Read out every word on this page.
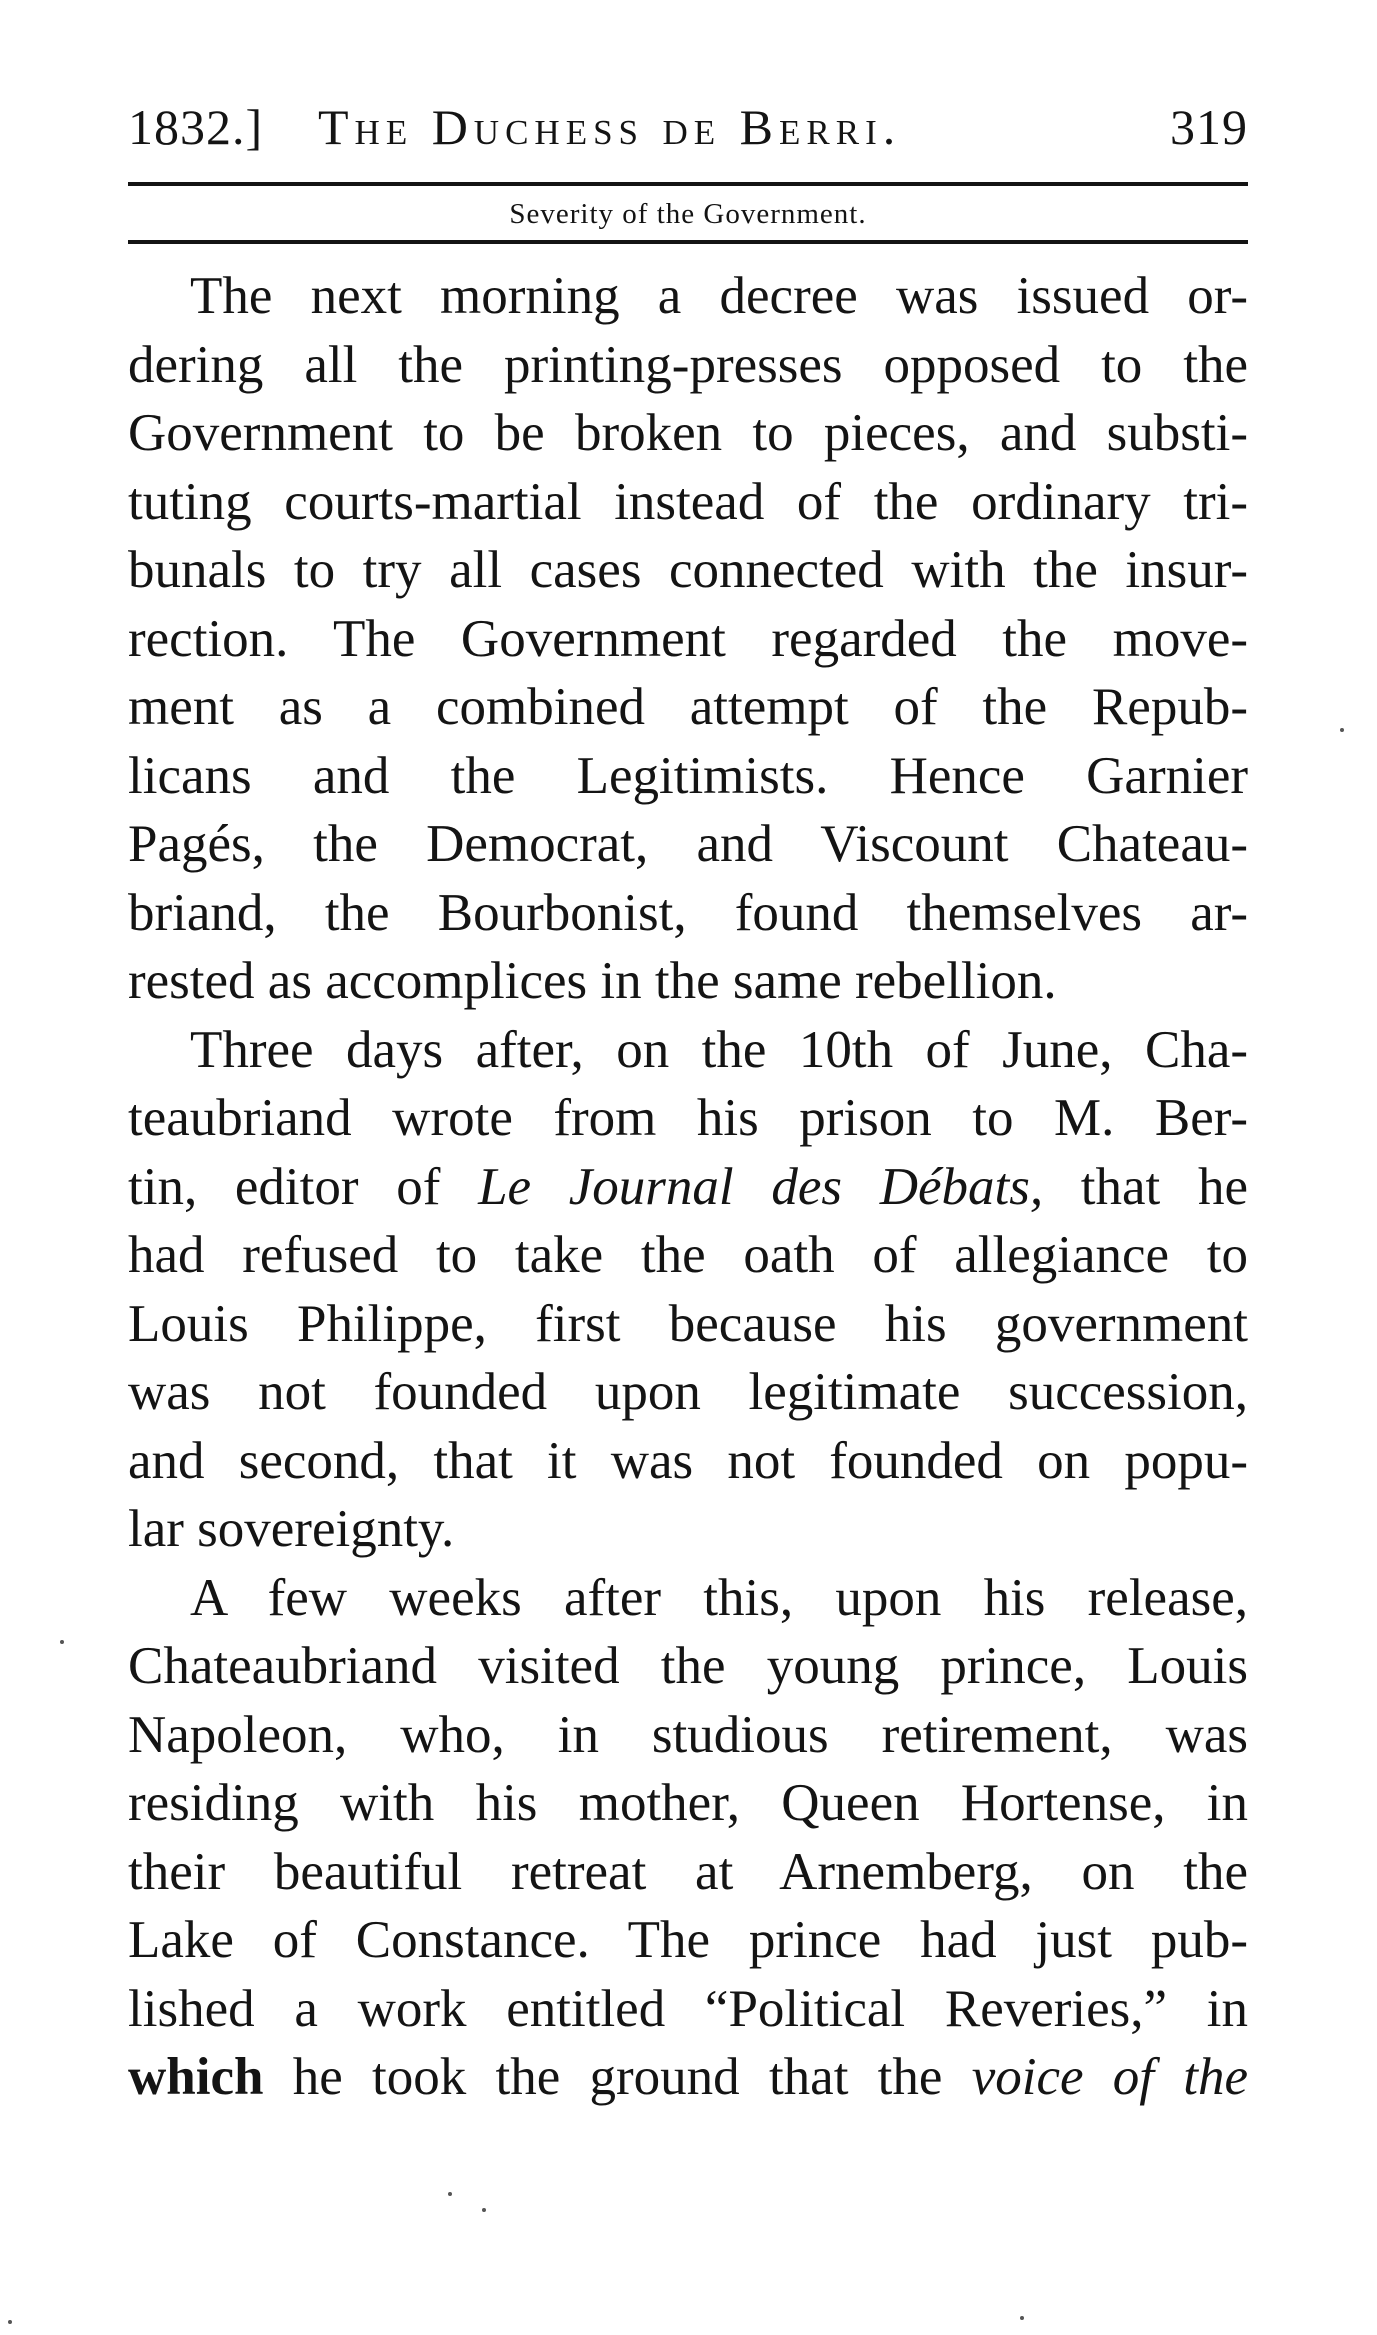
1832.] The Duchess de Berri.	319
Severity of the Government.
The next morning a decree was issued or-
dering all the printing-presses opposed to the
Government to be broken to pieces, and substi-
tuting courts-martial instead of the ordinary tri-
bunals to try all cases connected with the insur-
rection. The Government regarded the move-
ment as a combined attempt of the Repub-
licans and the Legitimists. Hence Garnier
Pagés, the Democrat, and Viscount Chateau-
briand, the Bourbonist, found themselves ar-
rested as accomplices in the same rebellion.
Three days after, on the 10th of June, Cha-
teaubriand wrote from his prison to M. Ber-
tin, editor of Le Journal des Débats, that he
had refused to take the oath of allegiance to
Louis Philippe, first because his government
was not founded upon legitimate succession,
and second, that it was not founded on popu-
lar sovereignty.
A few weeks after this, upon his release,
Chateaubriand visited the young prince, Louis
Napoleon, who, in studious retirement, was
residing with his mother, Queen Hortense, in
their beautiful retreat at Arnemberg, on the
Lake of Constance. The prince had just pub-
lished a work entitled “Political Reveries,” in
which he took the ground that the voice of the
